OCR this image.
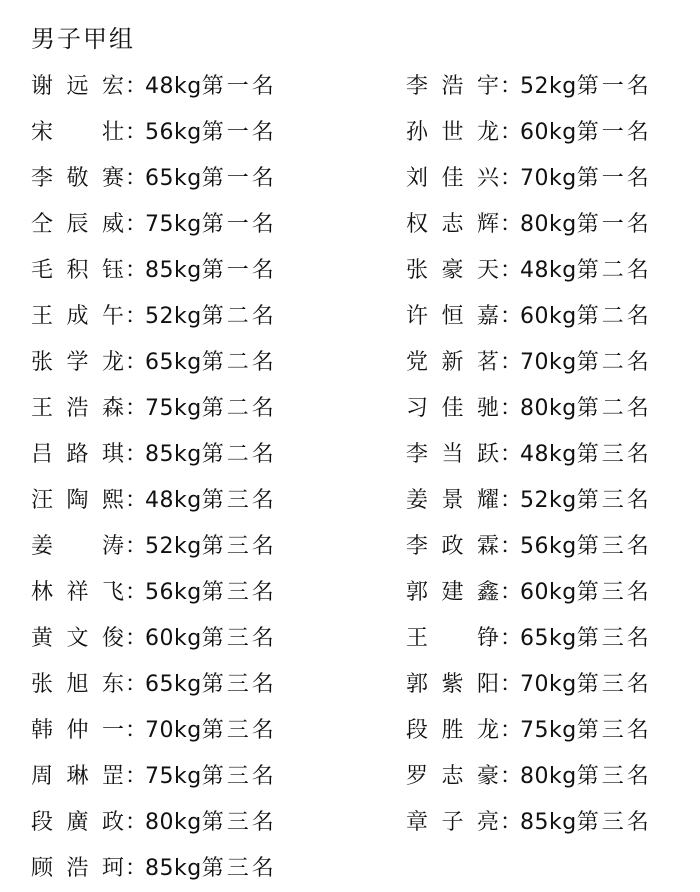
男子甲组
谢远宏 ：
48kg 第一名
宋 壮 ：
56kg 第一名
李敬赛 ：
65kg 第一名
仝辰威 ：
75kg 第一名
毛积钰 ：
85kg 第一名
王成午 ：
52kg 第二名
张学龙 ：
65kg 第二名
王浩森 ：
75kg 第二名
吕路琪 ：
85kg 第二名
汪陶熙 ：
48kg 第三名
姜 涛 ：
52kg 第三名
林祥飞 ：
56kg 第三名
黄文俊 ：
60kg 第三名
张旭东 ：
65kg 第三名
韩仲一 ：
70kg 第三名
周琳罡 ：
75kg 第三名
段廣政 ：
80kg 第三名
顾浩珂 ：
85kg 第三名
李浩宇 ：
52kg 第一名
孙世龙 ：
60kg 第一名
刘佳兴 ：
70kg 第一名
权志辉 ：
80kg 第一名
张豪天 ：
48kg 第二名
许恒嘉 ：
60kg 第二名
党新茗 ：
70kg 第二名
习佳驰 ：
80kg 第二名
李当跃 ：
48kg 第三名
姜景耀 ：
52kg 第三名
李政霖 ：
56kg 第三名
郭建鑫 ：
60kg 第三名
王 铮 ：
65kg 第三名
郭紫阳 ：
70kg 第三名
段胜龙 ：
75kg 第三名
罗志豪 ：
80kg 第三名
章子亮 ：
85kg 第三名
